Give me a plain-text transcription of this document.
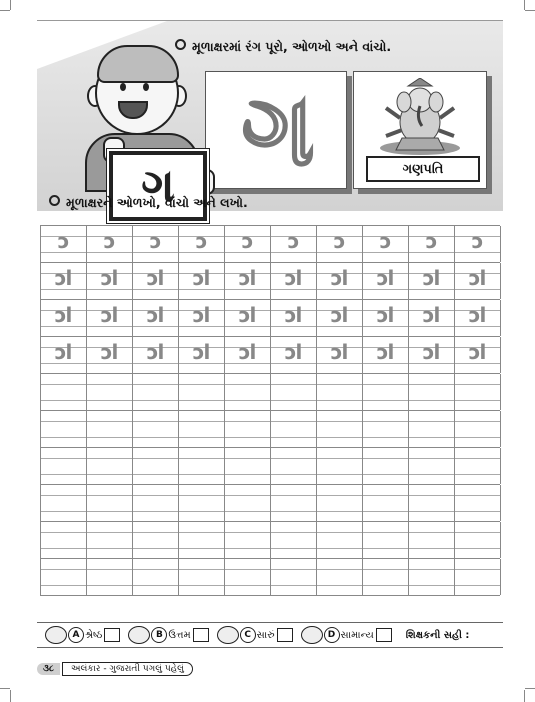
મૂળાક્ષરમાં રંગ પૂરો, ઓળખો અને વાંચો.
ગ	ગણપતિ
ગ
મૂળાક્ષરને ઓળખો, વાંચો અને લખો.
ɔ	ɔ	ɔ	ɔ	ɔ	ɔ	ɔ	ɔ	ɔ	ɔ
ɔl	ɔl	ɔl	ɔl	ɔl	ɔl	ɔl	ɔl	ɔl	ɔl
ɔl	ɔl	ɔl	ɔl	ɔl	ɔl	ɔl	ɔl	ɔl	ɔl
ɔl	ɔl	ɔl	ɔl	ɔl	ɔl	ɔl	ɔl	ɔl	ɔl
A શ્રેષ્ઠ	B ઉત્તમ	C સારું	D સામાન્ય	શિક્ષકની સહી :
૩૮	અલંકાર - ગુજરાતી પગલું પહેલું
